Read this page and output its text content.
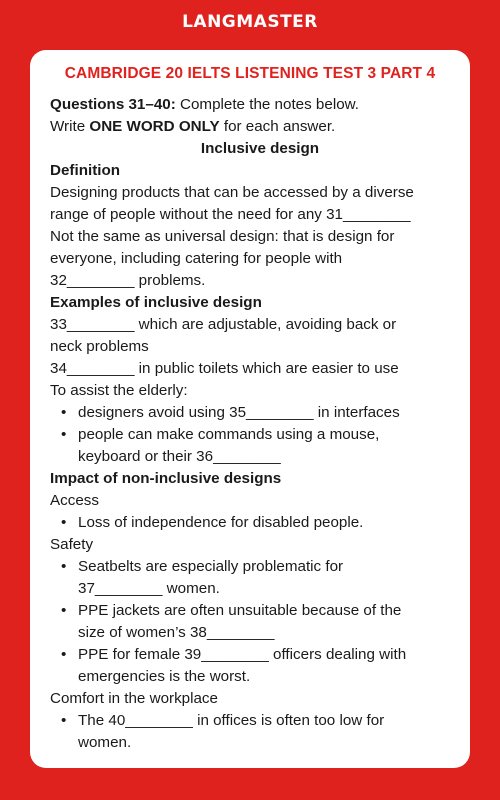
LANGMASTER
CAMBRIDGE 20 IELTS LISTENING TEST 3 PART 4
Questions 31–40: Complete the notes below.
Write ONE WORD ONLY for each answer.
Inclusive design
Definition
Designing products that can be accessed by a diverse
range of people without the need for any 31________
Not the same as universal design: that is design for
everyone, including catering for people with
32________ problems.
Examples of inclusive design
33________ which are adjustable, avoiding back or
neck problems
34________ in public toilets which are easier to use
To assist the elderly:
• designers avoid using 35________ in interfaces
• people can make commands using a mouse,
keyboard or their 36________
Impact of non-inclusive designs
Access
• Loss of independence for disabled people.
Safety
• Seatbelts are especially problematic for
37________ women.
• PPE jackets are often unsuitable because of the
size of women’s 38________
• PPE for female 39________ officers dealing with
emergencies is the worst.
Comfort in the workplace
• The 40________ in offices is often too low for
women.
